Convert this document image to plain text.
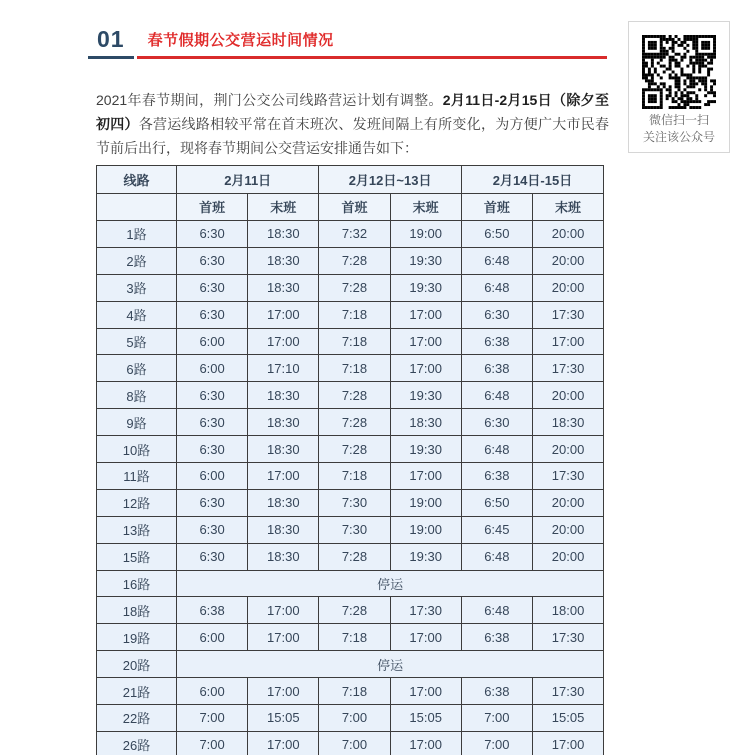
01	春节假期公交营运时间情况

2021年春节期间，荆门公交公司线路营运计划有调整。2月11日-2月15日（除夕至初四）各营运线路相较平常在首末班次、发班间隔上有所变化，为方便广大市民春节前后出行，现将春节期间公交营运安排通告如下：

线路	2月11日		2月12日~13日		2月14日-15日	
	首班	末班	首班	末班	首班	末班
1路	6:30	18:30	7:32	19:00	6:50	20:00
2路	6:30	18:30	7:28	19:30	6:48	20:00
3路	6:30	18:30	7:28	19:30	6:48	20:00
4路	6:30	17:00	7:18	17:00	6:30	17:30
5路	6:00	17:00	7:18	17:00	6:38	17:00
6路	6:00	17:10	7:18	17:00	6:38	17:30
8路	6:30	18:30	7:28	19:30	6:48	20:00
9路	6:30	18:30	7:28	18:30	6:30	18:30
10路	6:30	18:30	7:28	19:30	6:48	20:00
11路	6:00	17:00	7:18	17:00	6:38	17:30
12路	6:30	18:30	7:30	19:00	6:50	20:00
13路	6:30	18:30	7:30	19:00	6:45	20:00
15路	6:30	18:30	7:28	19:30	6:48	20:00
16路	停运					
18路	6:38	17:00	7:28	17:30	6:48	18:00
19路	6:00	17:00	7:18	17:00	6:38	17:30
20路	停运					
21路	6:00	17:00	7:18	17:00	6:38	17:30
22路	7:00	15:05	7:00	15:05	7:00	15:05
26路	7:00	17:00	7:00	17:00	7:00	17:00
微信扫一扫
关注该公众号
